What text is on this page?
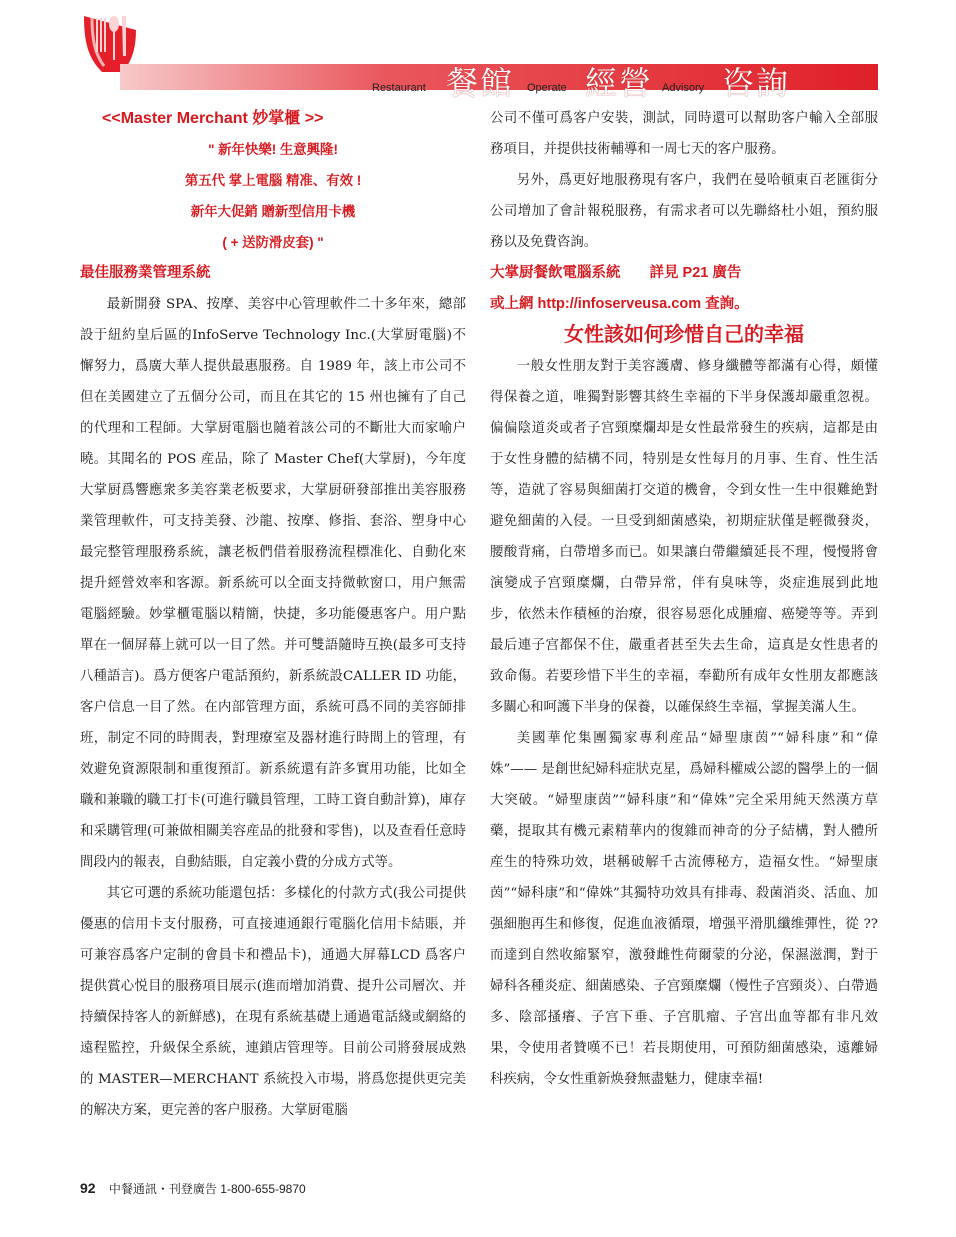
Restaurant 餐館 Operate 經營 Advisory 咨詢

<<Master Merchant 妙掌櫃 >>

" 新年快樂! 生意興隆!

第五代 掌上電腦 精准、有效 !

新年大促銷 贈新型信用卡機

( + 送防滑皮套) "

最佳服務業管理系統

最新開發 SPA、按摩、美容中心管理軟件二十多年來，總部設于紐約皇后區的InfoServe Technology Inc.(大掌厨電腦)不懈努力，爲廣大華人提供最惠服務。自 1989 年，該上市公司不但在美國建立了五個分公司，而且在其它的 15 州也擁有了自己的代理和工程師。大掌厨電腦也隨着該公司的不斷壯大而家喻户曉。其聞名的 POS 産品，除了 Master Chef(大掌厨)，今年度大掌厨爲響應衆多美容業老板要求，大掌厨研發部推出美容服務業管理軟件，可支持美發、沙龍、按摩、修指、套浴、塑身中心最完整管理服務系統，讓老板們借着服務流程標准化、自動化來提升經營效率和客源。新系統可以全面支持微軟窗口，用户無需電腦經驗。妙掌櫃電腦以精簡，快捷，多功能優惠客户。用户點單在一個屏幕上就可以一目了然。并可雙語隨時互换(最多可支持八種語言)。爲方便客户電話預約，新系統設CALLER ID 功能，客户信息一目了然。在内部管理方面，系統可爲不同的美容師排班，制定不同的時間表，對理療室及器材進行時間上的管理，有效避免資源限制和重復預訂。新系統還有許多實用功能，比如全職和兼職的職工打卡(可進行職員管理，工時工資自動計算)，庫存和采購管理(可兼做相關美容産品的批發和零售)，以及查看任意時間段内的報表，自動結賬，自定義小費的分成方式等。

其它可選的系統功能還包括：多樣化的付款方式(我公司提供優惠的信用卡支付服務，可直接連通銀行電腦化信用卡結賬，并可兼容爲客户定制的會員卡和禮品卡)，通過大屏幕LCD 爲客户提供賞心悦目的服務項目展示(進而增加消費、提升公司層次、并持續保持客人的新鮮感)，在現有系統基礎上通過電話綫或網絡的遠程監控，升級保全系統，連鎖店管理等。目前公司將發展成熟的 MASTER—MERCHANT 系統投入市場，將爲您提供更完美的解决方案，更完善的客户服務。大掌厨電腦

公司不僅可爲客户安裝，測試，同時還可以幫助客户輸入全部服務項目，并提供技術輔導和一周七天的客户服務。

另外，爲更好地服務現有客户，我們在曼哈頓東百老匯街分公司增加了會計報税服務，有需求者可以先聯絡杜小姐，預約服務以及免費咨詢。

大掌厨餐飲電腦系統　　詳見 P21 廣告

或上網 http://infoserveusa.com 查詢。

女性該如何珍惜自己的幸福

一般女性朋友對于美容護膚、修身纖體等都滿有心得，頗懂得保養之道，唯獨對影響其終生幸福的下半身保護却嚴重忽視。偏偏陰道炎或者子宫頸糜爛却是女性最常發生的疾病，這都是由于女性身體的結構不同，特别是女性每月的月事、生育、性生活等，造就了容易與細菌打交道的機會，令到女性一生中很難絶對避免細菌的入侵。一旦受到細菌感染，初期症狀僅是輕微發炎，腰酸背痛，白帶增多而已。如果讓白帶繼續延長不理，慢慢將會演變成子宫頸糜爛，白帶异常，伴有臭味等，炎症進展到此地步，依然未作積極的治療，很容易惡化成腫瘤、癌變等等。弄到最后連子宫都保不住，嚴重者甚至失去生命，這真是女性患者的致命傷。若要珍惜下半生的幸福，奉勸所有成年女性朋友都應該多關心和呵護下半身的保養，以確保終生幸福，掌握美滿人生。

美國華佗集團獨家專利産品“婦聖康茵”“婦科康”和“偉姝”—— 是創世紀婦科症狀克星，爲婦科權威公認的醫學上的一個大突破。“婦聖康茵”“婦科康”和“偉姝”完全采用純天然漢方草藥，提取其有機元素精華内的復雜而神奇的分子結構，對人體所産生的特殊功效，堪稱破解千古流傳秘方，造福女性。“婦聖康茵”“婦科康”和“偉姝”其獨特功效具有排毒、殺菌消炎、活血、加强細胞再生和修復，促進血液循環，增强平滑肌纖维彈性，從 ?? 而達到自然收縮緊窄，激發雌性荷爾蒙的分泌，保濕滋潤，對于婦科各種炎症、細菌感染、子宫頸糜爛（慢性子宫頸炎）、白帶過多、陰部搔癢、子宫下垂、子宫肌瘤、子宫出血等都有非凡效果，令使用者贊嘆不已！若長期使用，可預防細菌感染，遠離婦科疾病，令女性重新焕發無盡魅力，健康幸福!

92 中餐通訊・刊登廣告 1-800-655-9870
